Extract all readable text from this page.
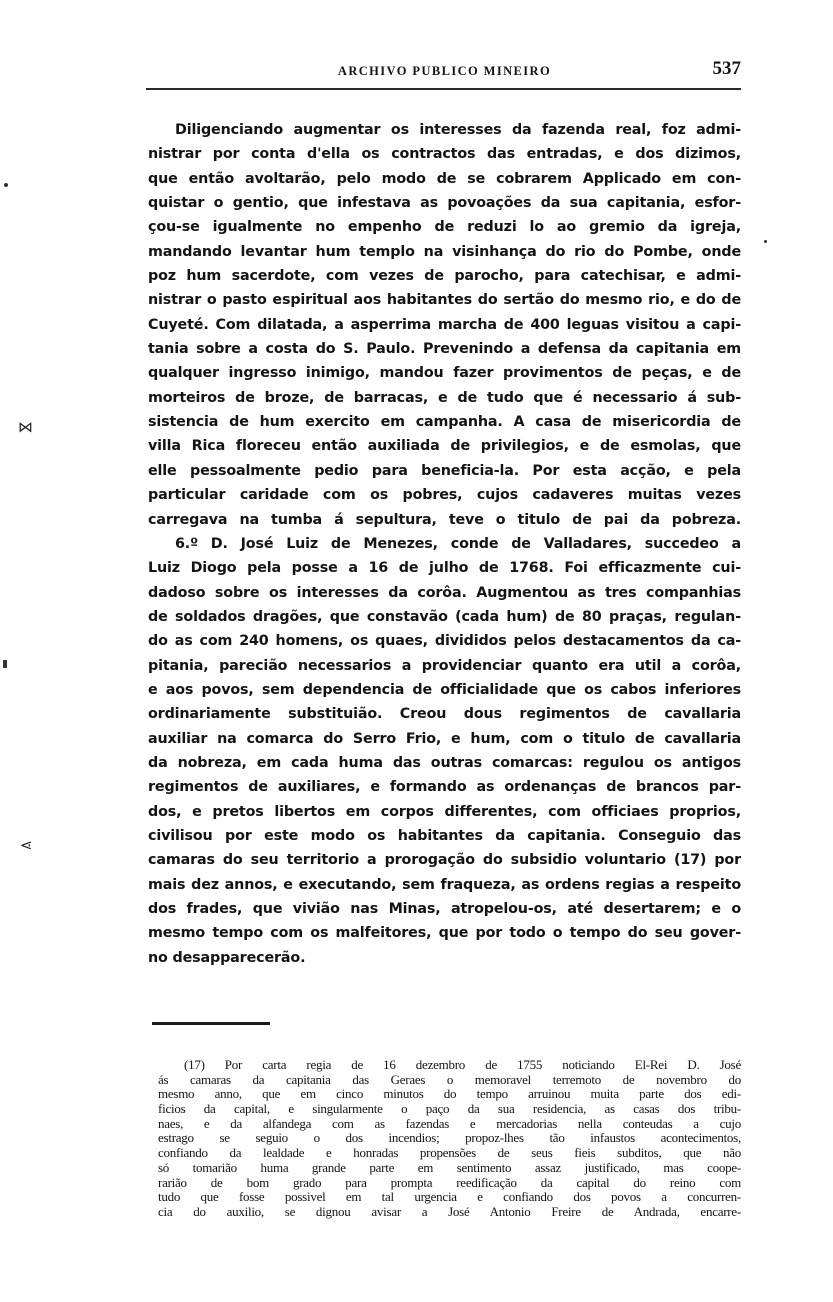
ARCHIVO PUBLICO MINEIRO	537
Diligenciando augmentar os interesses da fazenda real, foz admi-
nistrar por conta d'ella os contractos das entradas, e dos dizimos,
que então avoltarão, pelo modo de se cobrarem Applicado em con-
quistar o gentio, que infestava as povoações da sua capitania, esfor-
çou-se igualmente no empenho de reduzi lo ao gremio da igreja,
mandando levantar hum templo na visinhança do rio do Pombe, onde
poz hum sacerdote, com vezes de parocho, para catechisar, e admi-
nistrar o pasto espiritual aos habitantes do sertão do mesmo rio, e do de
Cuyeté. Com dilatada, a asperrima marcha de 400 leguas visitou a capi-
tania sobre a costa do S. Paulo. Prevenindo a defensa da capitania em
qualquer ingresso inimigo, mandou fazer provimentos de peças, e de
morteiros de broze, de barracas, e de tudo que é necessario á sub-
sistencia de hum exercito em campanha. A casa de misericordia de
villa Rica floreceu então auxiliada de privilegios, e de esmolas, que
elle pessoalmente pedio para beneficia-la. Por esta acção, e pela
particular caridade com os pobres, cujos cadaveres muitas vezes
carregava na tumba á sepultura, teve o titulo de pai da pobreza.
6.º D. José Luiz de Menezes, conde de Valladares, succedeo a
Luiz Diogo pela posse a 16 de julho de 1768. Foi efficazmente cui-
dadoso sobre os interesses da corôa. Augmentou as tres companhias
de soldados dragões, que constavão (cada hum) de 80 praças, regulan-
do as com 240 homens, os quaes, divididos pelos destacamentos da ca-
pitania, parecião necessarios a providenciar quanto era util a corôa,
e aos povos, sem dependencia de officialidade que os cabos inferiores
ordinariamente substituião. Creou dous regimentos de cavallaria
auxiliar na comarca do Serro Frio, e hum, com o titulo de cavallaria
da nobreza, em cada huma das outras comarcas: regulou os antigos
regimentos de auxiliares, e formando as ordenanças de brancos par-
dos, e pretos libertos em corpos differentes, com officiaes proprios,
civilisou por este modo os habitantes da capitania. Conseguio das
camaras do seu territorio a prorogação do subsidio voluntario (17) por
mais dez annos, e executando, sem fraqueza, as ordens regias a respeito
dos frades, que vivião nas Minas, atropelou-os, até desertarem; e o
mesmo tempo com os malfeitores, que por todo o tempo do seu gover-
no desapparecerão.
(17) Por carta regia de 16 dezembro de 1755 noticiando El-Rei D. José
ás camaras da capitania das Geraes o memoravel terremoto de novembro do
mesmo anno, que em cinco minutos do tempo arruinou muita parte dos edi-
ficios da capital, e singularmente o paço da sua residencia, as casas dos tribu-
naes, e da alfandega com as fazendas e mercadorias nella conteudas a cujo
estrago se seguio o dos incendios; propoz-lhes tão infaustos acontecimentos,
confiando da lealdade e honradas propensões de seus fieis subditos, que não
só tomarião huma grande parte em sentimento assaz justificado, mas coope-
rarião de bom grado para prompta reedificação da capital do reino com
tudo que fosse possivel em tal urgencia e confiando dos povos a concurren-
cia do auxilio, se dignou avisar a José Antonio Freire de Andrada, encarre-
⋈
⋖
